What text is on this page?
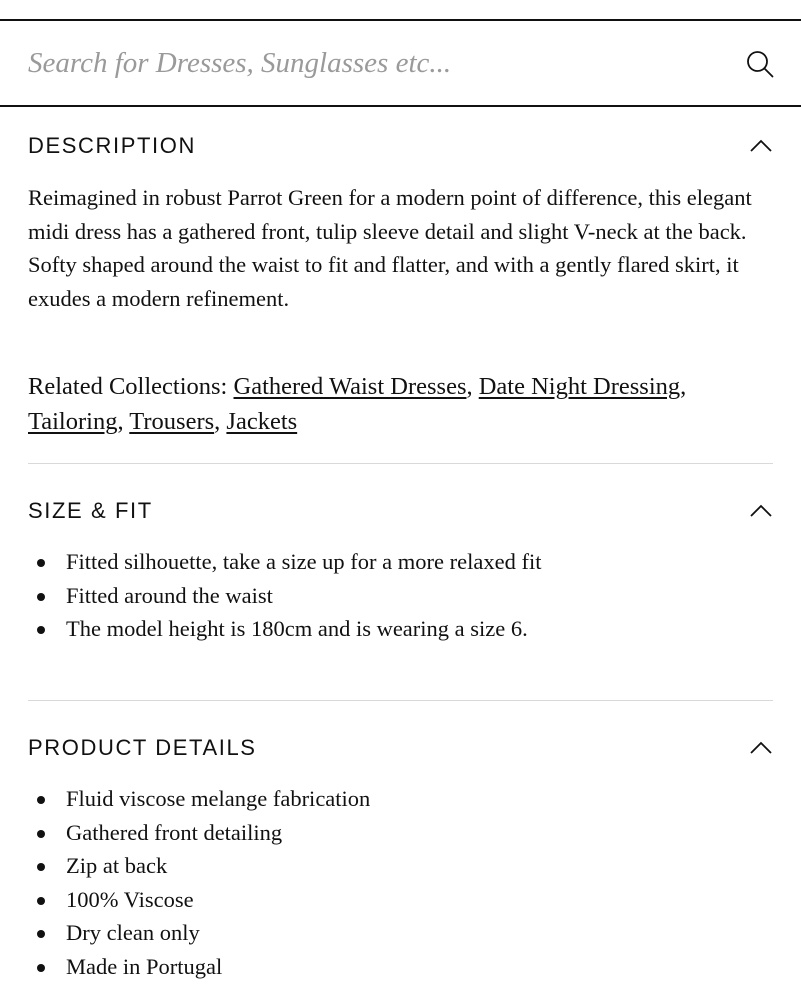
Search for Dresses, Sunglasses etc...
DESCRIPTION

Reimagined in robust Parrot Green for a modern point of difference, this elegant midi dress has a gathered front, tulip sleeve detail and slight V-neck at the back. Softy shaped around the waist to fit and flatter, and with a gently flared skirt, it exudes a modern refinement.

Related Collections: Gathered Waist Dresses, Date Night Dressing, Tailoring, Trousers, Jackets

SIZE & FIT
Fitted silhouette, take a size up for a more relaxed fit
Fitted around the waist
The model height is 180cm and is wearing a size 6.
PRODUCT DETAILS
Fluid viscose melange fabrication
Gathered front detailing
Zip at back
100% Viscose
Dry clean only
Made in Portugal
